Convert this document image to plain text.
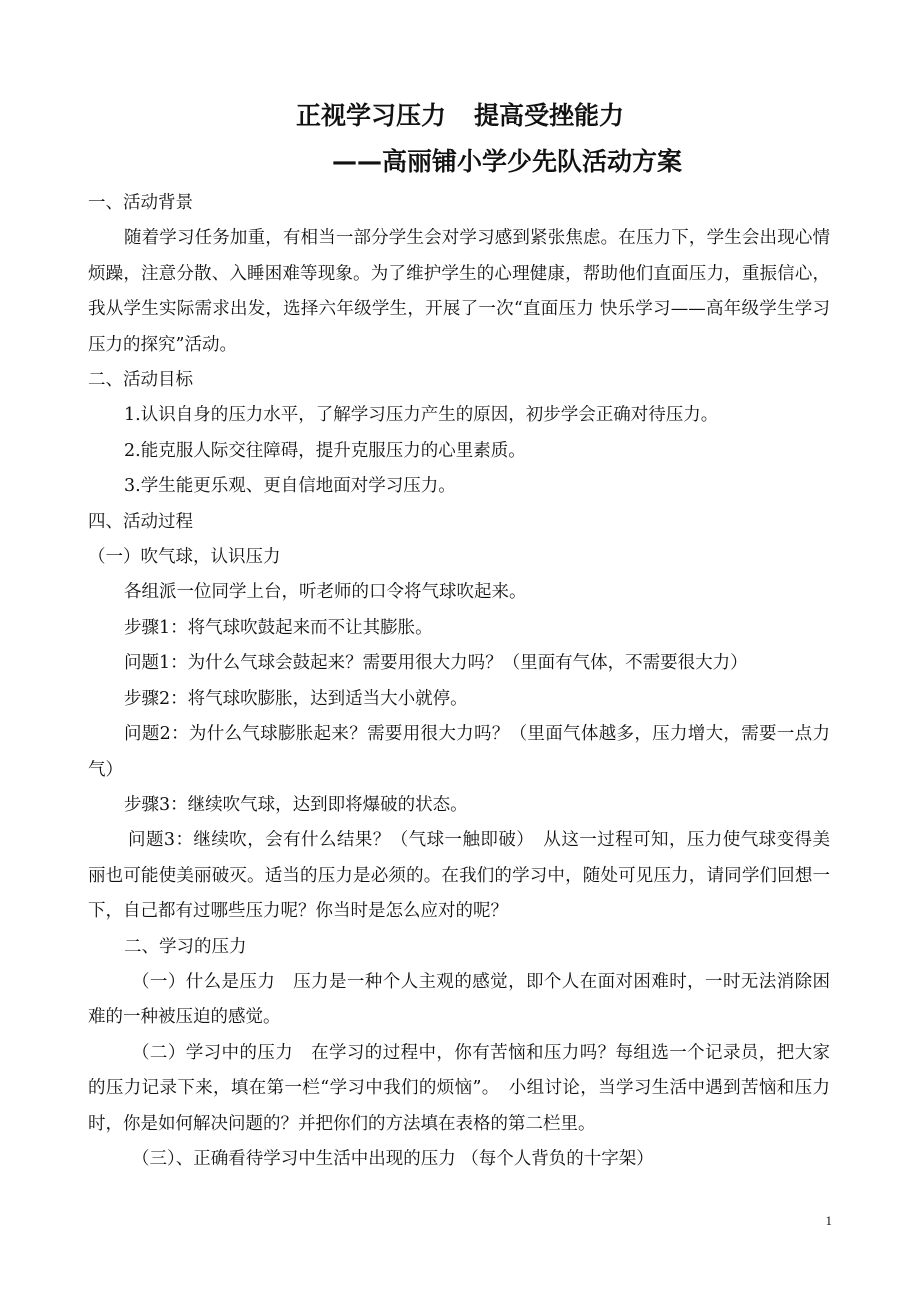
正视学习压力 提高受挫能力
——高丽铺小学少先队活动方案

一、活动背景

随着学习任务加重，有相当一部分学生会对学习感到紧张焦虑。在压力下，学生会出现心情烦躁，注意分散、入睡困难等现象。为了维护学生的心理健康，帮助他们直面压力，重振信心，我从学生实际需求出发，选择六年级学生，开展了一次“直面压力 快乐学习——高年级学生学习压力的探究”活动。

二、活动目标

1.认识自身的压力水平，了解学习压力产生的原因，初步学会正确对待压力。

2.能克服人际交往障碍，提升克服压力的心里素质。

3.学生能更乐观、更自信地面对学习压力。

四、活动过程

（一）吹气球，认识压力

各组派一位同学上台，听老师的口令将气球吹起来。

步骤1：将气球吹鼓起来而不让其膨胀。

问题1：为什么气球会鼓起来？需要用很大力吗？（里面有气体，不需要很大力）

步骤2：将气球吹膨胀，达到适当大小就停。

问题2：为什么气球膨胀起来？需要用很大力吗？（里面气体越多，压力增大，需要一点力气）

步骤3：继续吹气球，达到即将爆破的状态。

问题3：继续吹，会有什么结果？（气球一触即破）　从这一过程可知，压力使气球变得美丽也可能使美丽破灭。适当的压力是必须的。在我们的学习中，随处可见压力，请同学们回想一下，自己都有过哪些压力呢？你当时是怎么应对的呢？

二、学习的压力

（一）什么是压力　压力是一种个人主观的感觉，即个人在面对困难时，一时无法消除困难的一种被压迫的感觉。

（二）学习中的压力　在学习的过程中，你有苦恼和压力吗？每组选一个记录员，把大家的压力记录下来，填在第一栏“学习中我们的烦恼”。　小组讨论，当学习生活中遇到苦恼和压力时，你是如何解决问题的？并把你们的方法填在表格的第二栏里。

（三）、正确看待学习中生活中出现的压力 （每个人背负的十字架）

1
